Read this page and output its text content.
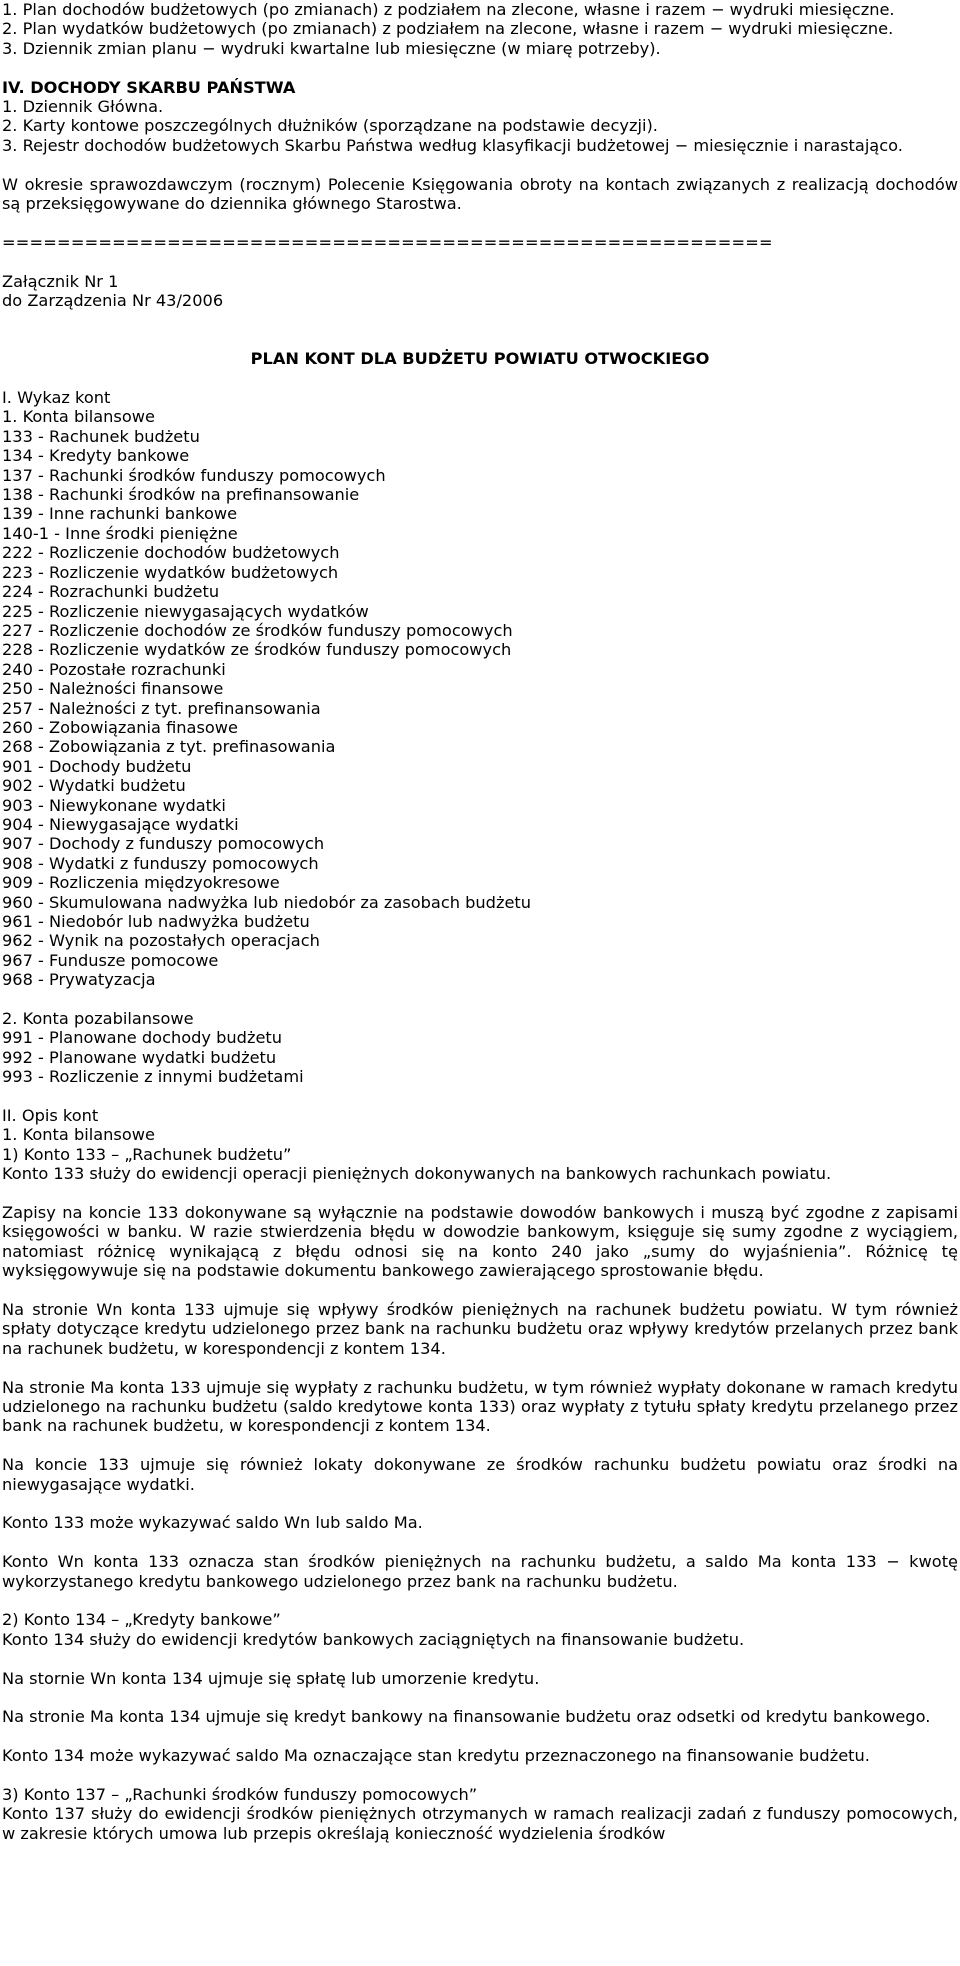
1. Plan dochodów budżetowych (po zmianach) z podziałem na zlecone, własne i razem − wydruki miesięczne.

2. Plan wydatków budżetowych (po zmianach) z podziałem na zlecone, własne i razem − wydruki miesięczne.

3. Dziennik zmian planu − wydruki kwartalne lub miesięczne (w miarę potrzeby).

IV. DOCHODY SKARBU PAŃSTWA

1. Dziennik Główna.

2. Karty kontowe poszczególnych dłużników (sporządzane na podstawie decyzji).

3. Rejestr dochodów budżetowych Skarbu Państwa według klasyfikacji budżetowej − miesięcznie i narastająco.

W okresie sprawozdawczym (rocznym) Polecenie Księgowania obroty na kontach związanych z realizacją dochodów są przeksięgowywane do dziennika głównego Starostwa.

========================================================

Załącznik Nr 1

do Zarządzenia Nr 43/2006

PLAN KONT DLA BUDŻETU POWIATU OTWOCKIEGO

I. Wykaz kont

1. Konta bilansowe

133 - Rachunek budżetu

134 - Kredyty bankowe

137 - Rachunki środków funduszy pomocowych

138 - Rachunki środków na prefinansowanie

139 - Inne rachunki bankowe

140-1 - Inne środki pieniężne

222 - Rozliczenie dochodów budżetowych

223 - Rozliczenie wydatków budżetowych

224 - Rozrachunki budżetu

225 - Rozliczenie niewygasających wydatków

227 - Rozliczenie dochodów ze środków funduszy pomocowych

228 - Rozliczenie wydatków ze środków funduszy pomocowych

240 - Pozostałe rozrachunki

250 - Należności finansowe

257 - Należności z tyt. prefinansowania

260 - Zobowiązania finasowe

268 - Zobowiązania z tyt. prefinasowania

901 - Dochody budżetu

902 - Wydatki budżetu

903 - Niewykonane wydatki

904 - Niewygasające wydatki

907 - Dochody z funduszy pomocowych

908 - Wydatki z funduszy pomocowych

909 - Rozliczenia międzyokresowe

960 - Skumulowana nadwyżka lub niedobór za zasobach budżetu

961 - Niedobór lub nadwyżka budżetu

962 - Wynik na pozostałych operacjach

967 - Fundusze pomocowe

968 - Prywatyzacja

2. Konta pozabilansowe

991 - Planowane dochody budżetu

992 - Planowane wydatki budżetu

993 - Rozliczenie z innymi budżetami

II. Opis kont

1. Konta bilansowe

1) Konto 133 – „Rachunek budżetu”

Konto 133 służy do ewidencji operacji pieniężnych dokonywanych na bankowych rachunkach powiatu.

Zapisy na koncie 133 dokonywane są wyłącznie na podstawie dowodów bankowych i muszą być zgodne z zapisami księgowości w banku. W razie stwierdzenia błędu w dowodzie bankowym, księguje się sumy zgodne z wyciągiem, natomiast różnicę wynikającą z błędu odnosi się na konto 240 jako „sumy do wyjaśnienia”. Różnicę tę wyksięgowywuje się na podstawie dokumentu bankowego zawierającego sprostowanie błędu.

Na stronie Wn konta 133 ujmuje się wpływy środków pieniężnych na rachunek budżetu powiatu. W tym również spłaty dotyczące kredytu udzielonego przez bank na rachunku budżetu oraz wpływy kredytów przelanych przez bank na rachunek budżetu, w korespondencji z kontem 134.

Na stronie Ma konta 133 ujmuje się wypłaty z rachunku budżetu, w tym również wypłaty dokonane w ramach kredytu udzielonego na rachunku budżetu (saldo kredytowe konta 133) oraz wypłaty z tytułu spłaty kredytu przelanego przez bank na rachunek budżetu, w korespondencji z kontem 134.

Na koncie 133 ujmuje się również lokaty dokonywane ze środków rachunku budżetu powiatu oraz środki na niewygasające wydatki.

Konto 133 może wykazywać saldo Wn lub saldo Ma.

Konto Wn konta 133 oznacza stan środków pieniężnych na rachunku budżetu, a saldo Ma konta 133 − kwotę wykorzystanego kredytu bankowego udzielonego przez bank na rachunku budżetu.

2) Konto 134 – „Kredyty bankowe”

Konto 134 służy do ewidencji kredytów bankowych zaciągniętych na finansowanie budżetu.

Na stornie Wn konta 134 ujmuje się spłatę lub umorzenie kredytu.

Na stronie Ma konta 134 ujmuje się kredyt bankowy na finansowanie budżetu oraz odsetki od kredytu bankowego.

Konto 134 może wykazywać saldo Ma oznaczające stan kredytu przeznaczonego na finansowanie budżetu.

3) Konto 137 – „Rachunki środków funduszy pomocowych”

Konto 137 służy do ewidencji środków pieniężnych otrzymanych w ramach realizacji zadań z funduszy pomocowych, w zakresie których umowa lub przepis określają konieczność wydzielenia środków
